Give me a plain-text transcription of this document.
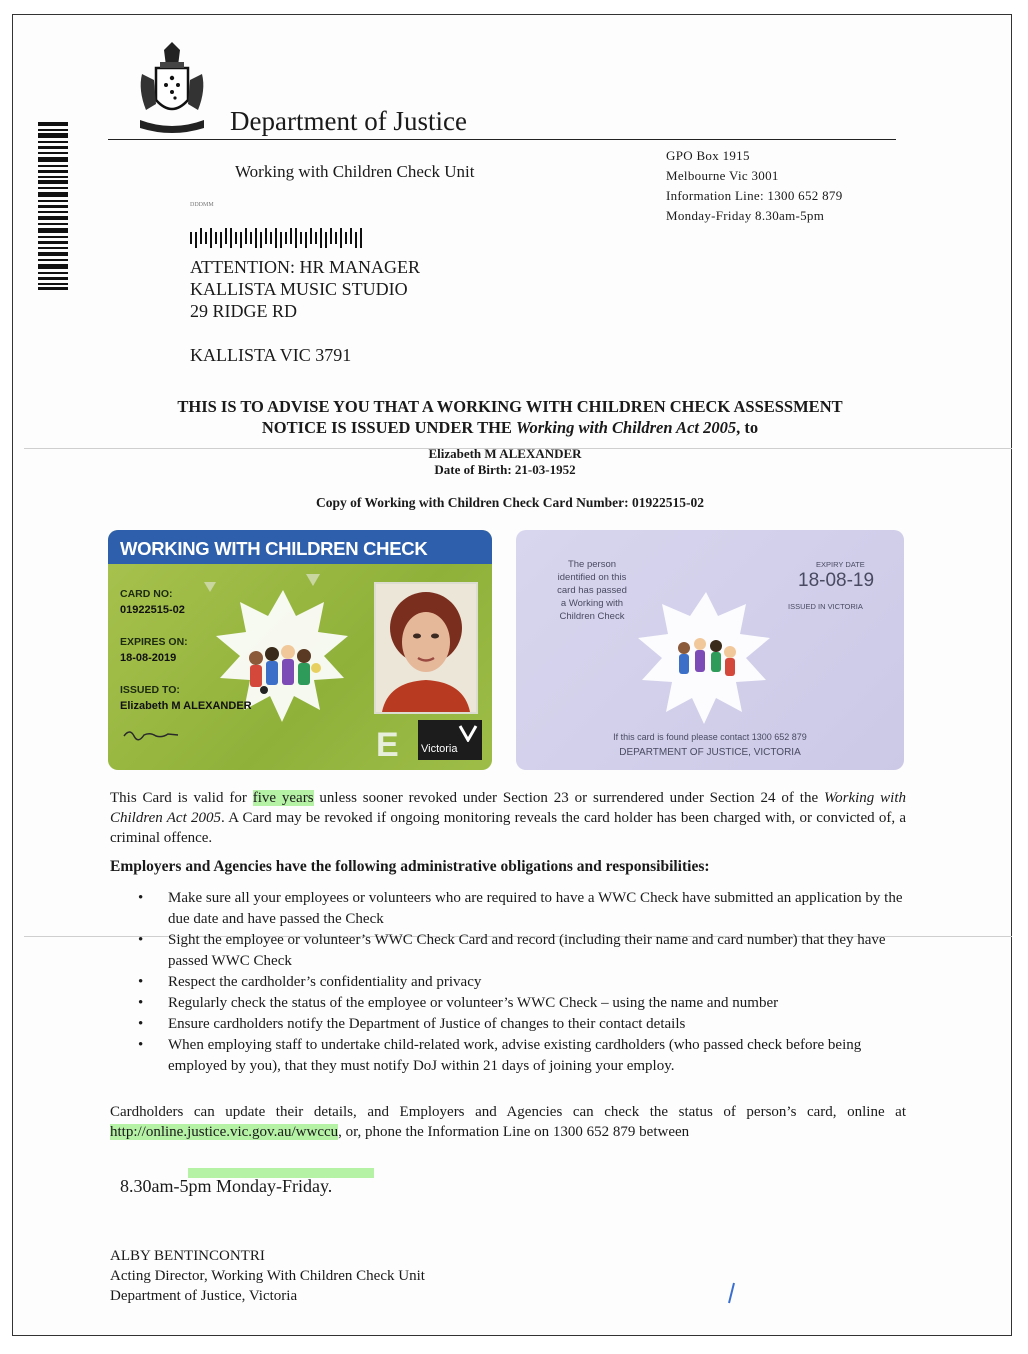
Department of Justice
Working with Children Check Unit
GPO Box 1915
Melbourne Vic 3001
Information Line: 1300 652 879
Monday-Friday 8.30am-5pm
DDDMM
ATTENTION: HR MANAGER
KALLISTA MUSIC STUDIO
29 RIDGE RD
KALLISTA VIC 3791
THIS IS TO ADVISE YOU THAT A WORKING WITH CHILDREN CHECK ASSESSMENT
NOTICE IS ISSUED UNDER THE Working with Children Act 2005, to
Elizabeth M ALEXANDER
Date of Birth: 21-03-1952
Copy of Working with Children Check Card Number: 01922515-02
WORKING WITH CHILDREN CHECK
CARD NO:
01922515-02
EXPIRES ON:
18-08-2019
ISSUED TO:
Elizabeth M ALEXANDER
E Victoria
The person
identified on this
card has passed
a Working with
Children Check
EXPIRY DATE
18-08-19
ISSUED IN VICTORIA
If this card is found please contact 1300 652 879
DEPARTMENT OF JUSTICE, VICTORIA
This Card is valid for five years unless sooner revoked under Section 23 or surrendered under Section 24 of the Working with Children Act 2005. A Card may be revoked if ongoing monitoring reveals the card holder has been charged with, or convicted of, a criminal offence.
Employers and Agencies have the following administrative obligations and responsibilities:
• Make sure all your employees or volunteers who are required to have a WWC Check have submitted an application by the due date and have passed the Check
• Sight the employee or volunteer’s WWC Check Card and record (including their name and card number) that they have passed WWC Check
• Respect the cardholder’s confidentiality and privacy
• Regularly check the status of the employee or volunteer’s WWC Check – using the name and number
• Ensure cardholders notify the Department of Justice of changes to their contact details
• When employing staff to undertake child-related work, advise existing cardholders (who passed check before being employed by you), that they must notify DoJ within 21 days of joining your employ.
Cardholders can update their details, and Employers and Agencies can check the status of person’s card, online at http://online.justice.vic.gov.au/wwccu, or, phone the Information Line on 1300 652 879 between
8.30am-5pm Monday-Friday.
ALBY BENTINCONTRI
Acting Director, Working With Children Check Unit
Department of Justice, Victoria
